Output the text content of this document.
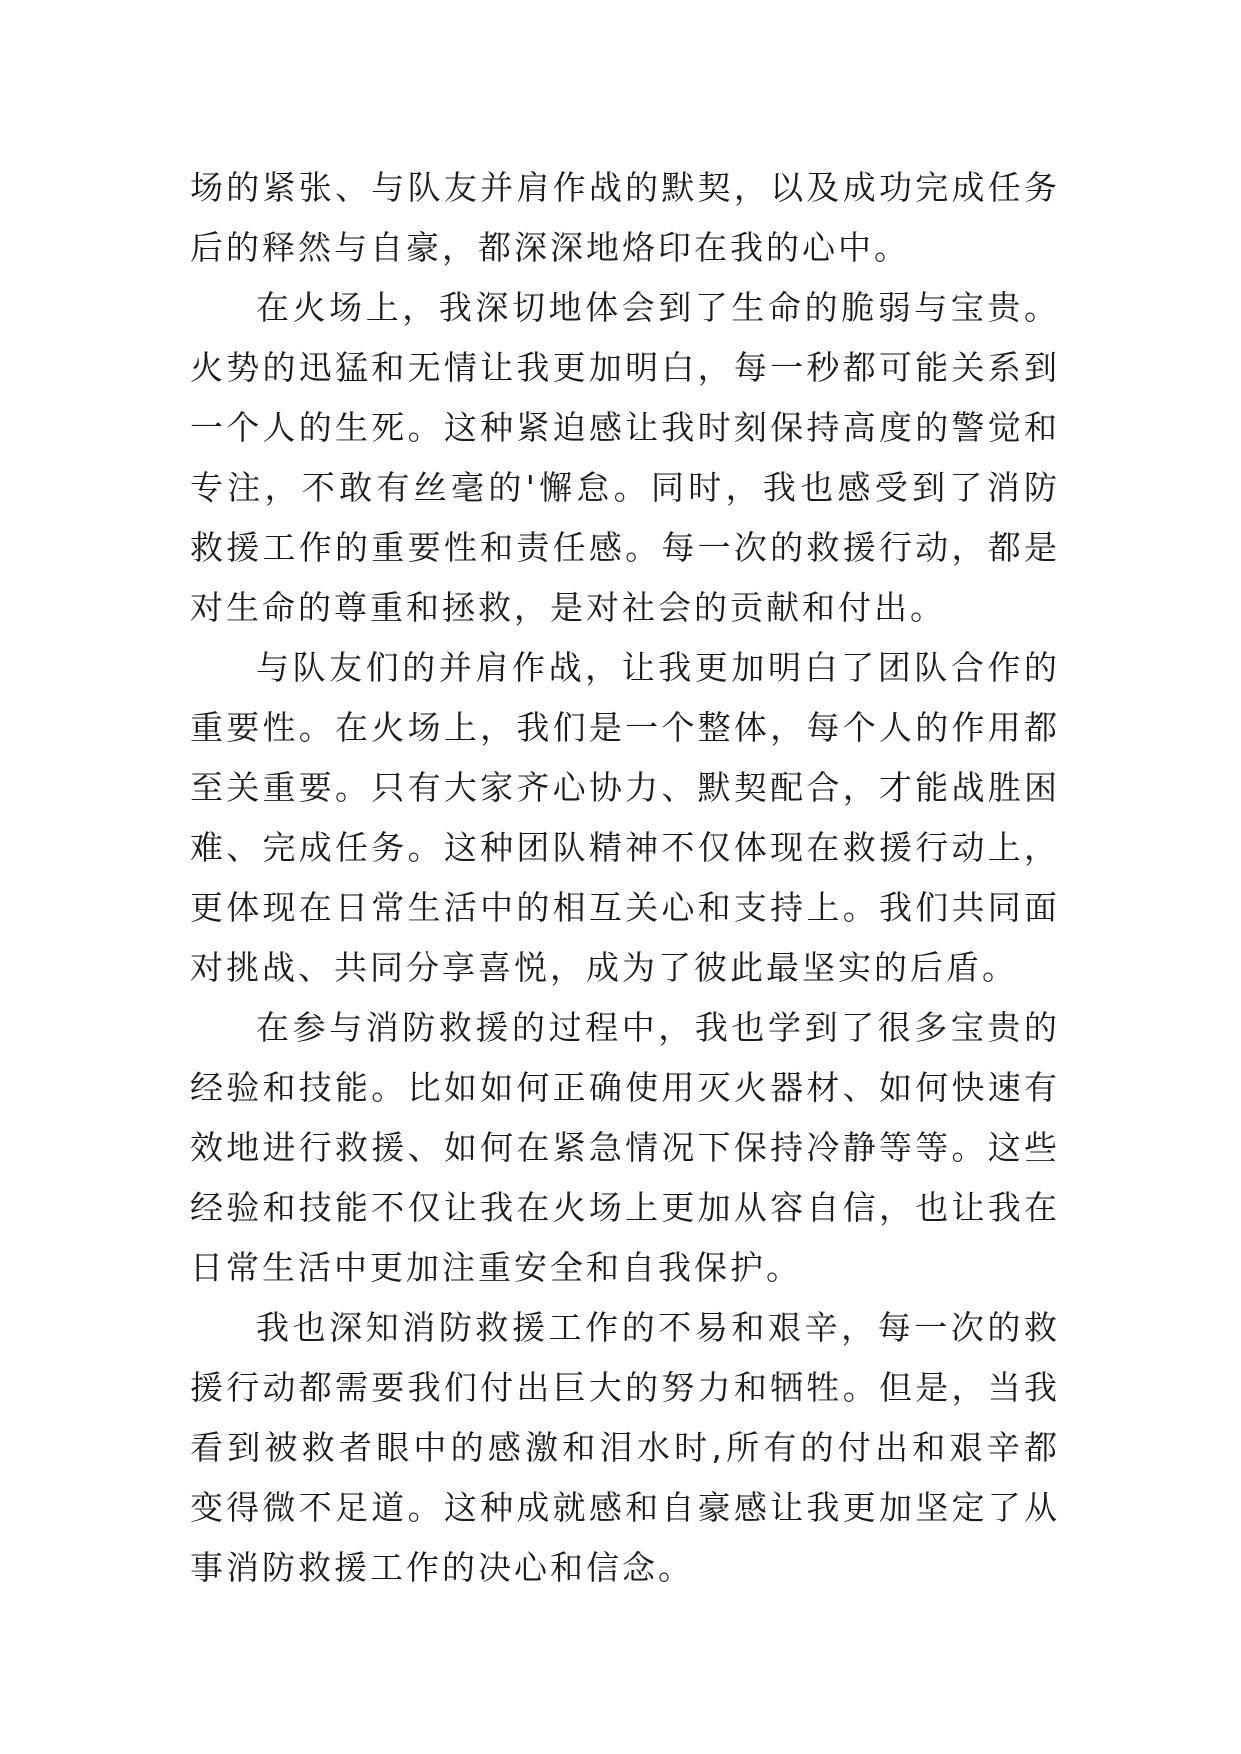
场的紧张、与队友并肩作战的默契，以及成功完成任务后的释然与自豪，都深深地烙印在我的心中。

在火场上，我深切地体会到了生命的脆弱与宝贵。火势的迅猛和无情让我更加明白，每一秒都可能关系到一个人的生死。这种紧迫感让我时刻保持高度的警觉和专注，不敢有丝毫的'懈怠。同时，我也感受到了消防救援工作的重要性和责任感。每一次的救援行动，都是对生命的尊重和拯救，是对社会的贡献和付出。

与队友们的并肩作战，让我更加明白了团队合作的重要性。在火场上，我们是一个整体，每个人的作用都至关重要。只有大家齐心协力、默契配合，才能战胜困难、完成任务。这种团队精神不仅体现在救援行动上，更体现在日常生活中的相互关心和支持上。我们共同面对挑战、共同分享喜悦，成为了彼此最坚实的后盾。

在参与消防救援的过程中，我也学到了很多宝贵的经验和技能。比如如何正确使用灭火器材、如何快速有效地进行救援、如何在紧急情况下保持冷静等等。这些经验和技能不仅让我在火场上更加从容自信，也让我在日常生活中更加注重安全和自我保护。

我也深知消防救援工作的不易和艰辛，每一次的救援行动都需要我们付出巨大的努力和牺牲。但是，当我看到被救者眼中的感激和泪水时,所有的付出和艰辛都变得微不足道。这种成就感和自豪感让我更加坚定了从事消防救援工作的决心和信念。
